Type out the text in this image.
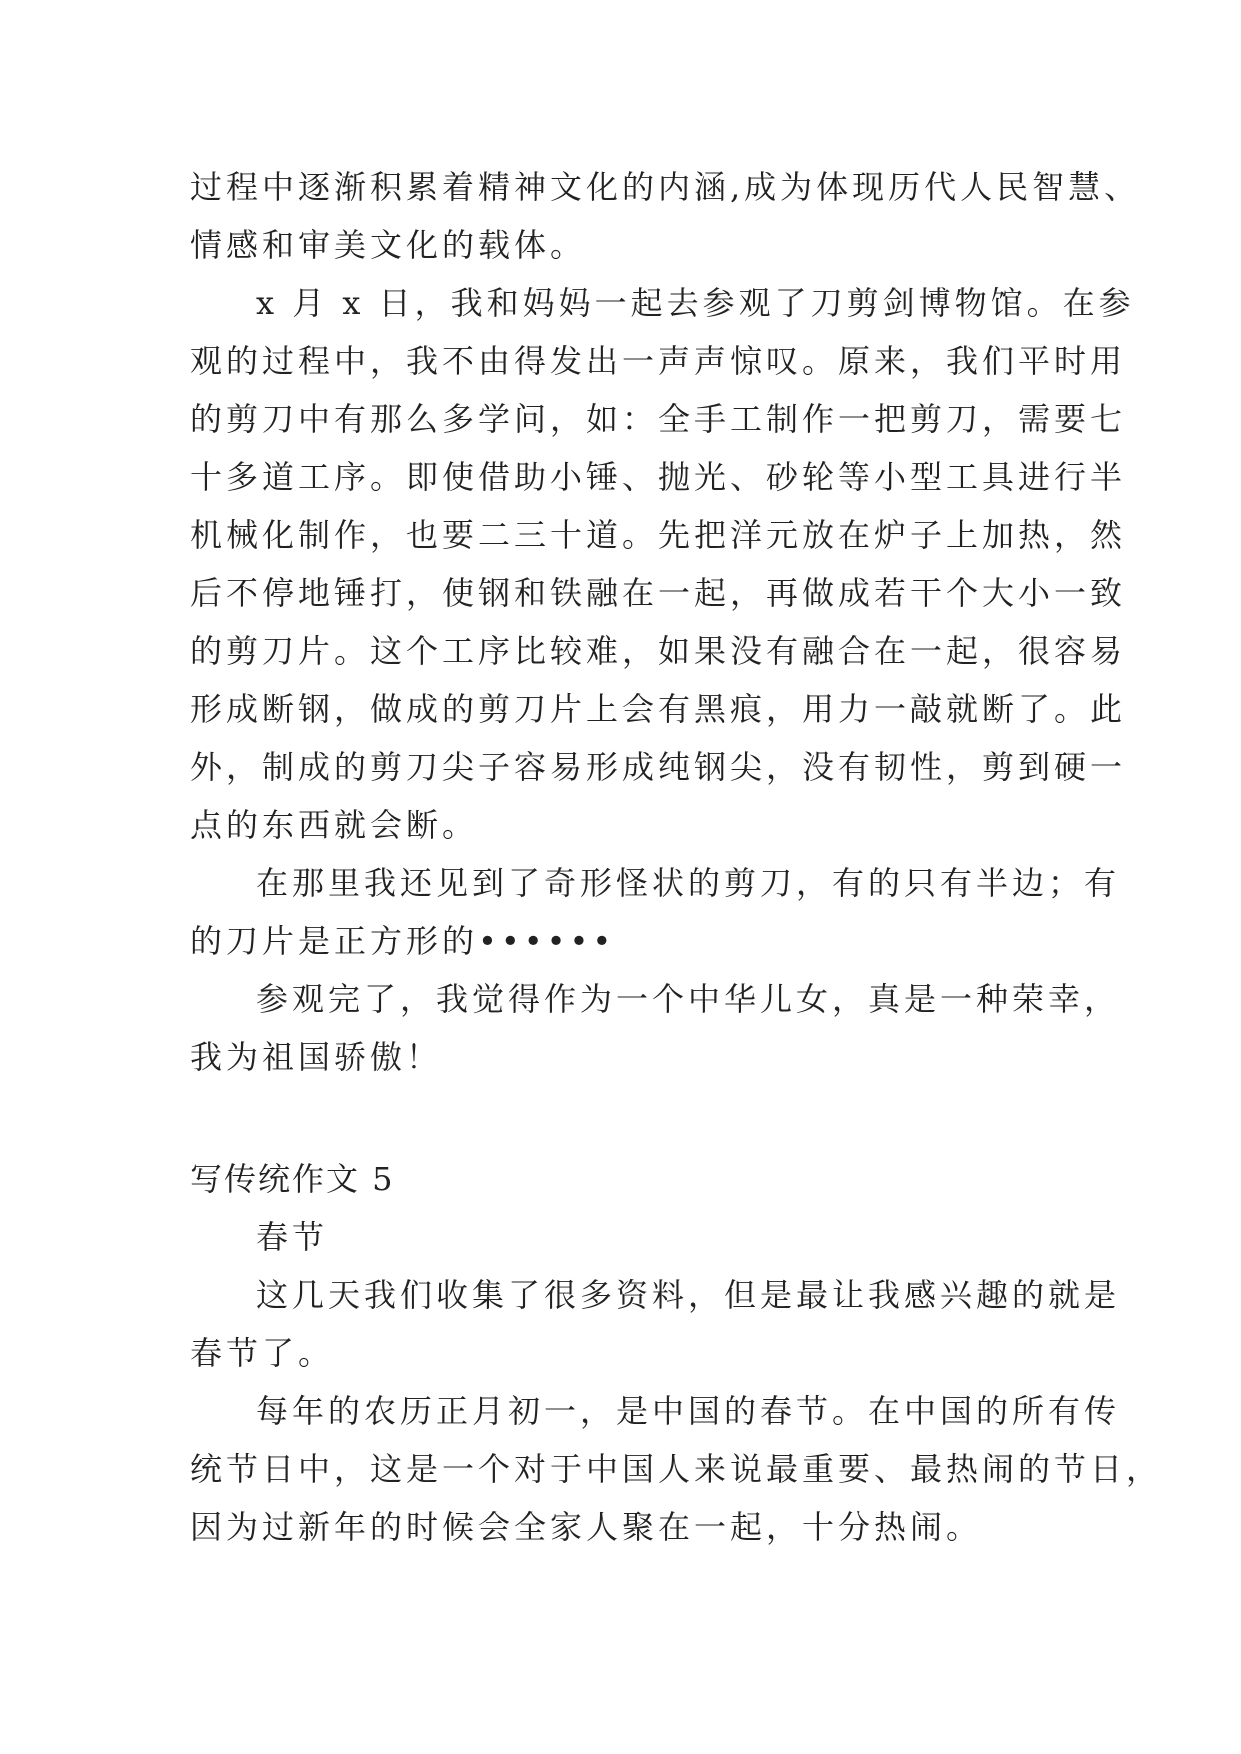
过程中逐渐积累着精神文化的内涵,成为体现历代人民智慧、
情感和审美文化的载体。
x 月 x 日，我和妈妈一起去参观了刀剪剑博物馆。在参
观的过程中，我不由得发出一声声惊叹。原来，我们平时用
的剪刀中有那么多学问，如：全手工制作一把剪刀，需要七
十多道工序。即使借助小锤、抛光、砂轮等小型工具进行半
机械化制作，也要二三十道。先把洋元放在炉子上加热，然
后不停地锤打，使钢和铁融在一起，再做成若干个大小一致
的剪刀片。这个工序比较难，如果没有融合在一起，很容易
形成断钢，做成的剪刀片上会有黑痕，用力一敲就断了。此
外，制成的剪刀尖子容易形成纯钢尖，没有韧性，剪到硬一
点的东西就会断。
在那里我还见到了奇形怪状的剪刀，有的只有半边；有
的刀片是正方形的••••••
参观完了，我觉得作为一个中华儿女，真是一种荣幸，
我为祖国骄傲！
写传统作文 5
春节
这几天我们收集了很多资料，但是最让我感兴趣的就是
春节了。
每年的农历正月初一，是中国的春节。在中国的所有传
统节日中，这是一个对于中国人来说最重要、最热闹的节日，
因为过新年的时候会全家人聚在一起，十分热闹。
